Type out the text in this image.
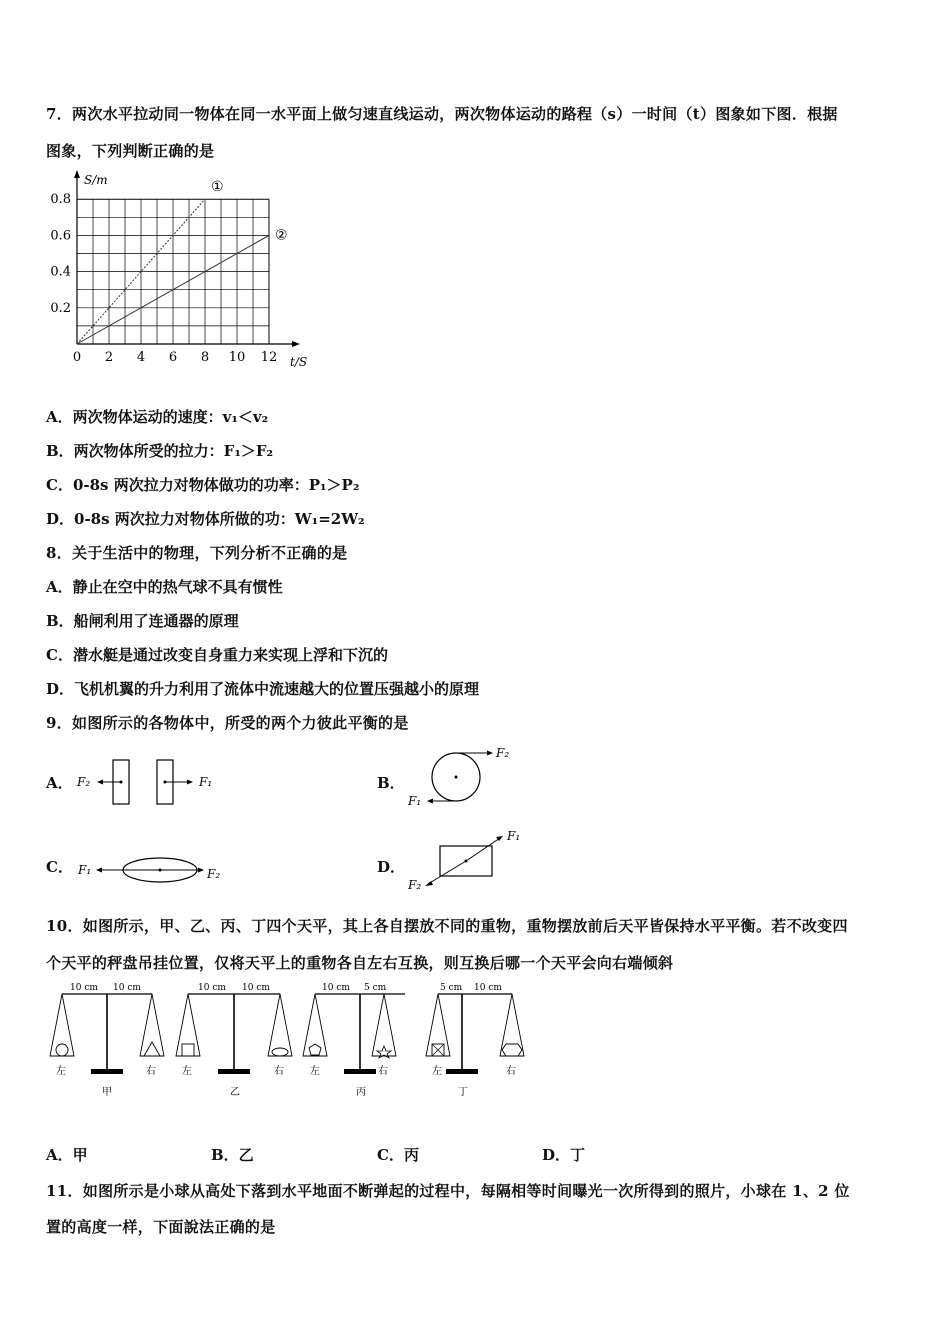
7．两次水平拉动同一物体在同一水平面上做匀速直线运动，两次物体运动的路程（s）一时间（t）图象如下图．根据
图象，下列判断正确的是
0 2 4 6 8 10 12
0.2
0.4
0.6
0.8
①
②
S/m
t/S
A．两次物体运动的速度：v₁＜v₂
B．两次物体所受的拉力：F₁＞F₂
C．0-8s 两次拉力对物体做功的功率：P₁＞P₂
D．0-8s 两次拉力对物体所做的功：W₁=2W₂
8．关于生活中的物理，下列分析不正确的是
A．静止在空中的热气球不具有惯性
B．船闸利用了连通器的原理
C．潜水艇是通过改变自身重力来实现上浮和下沉的
D．飞机机翼的升力利用了流体中流速越大的位置压强越小的原理
9．如图所示的各物体中，所受的两个力彼此平衡的是
A． F₂	F₁	B．
F₂
F₁
C． F₁	F₂	D．
F₁
F₂
10．如图所示，甲、乙、丙、丁四个天平，其上各自摆放不同的重物，重物摆放前后天平皆保持水平平衡。若不改变四
个天平的秤盘吊挂位置，仅将天平上的重物各自左右互换，则互换后哪一个天平会向右端倾斜
10 cm 10 cm
左	右
甲
10 cm 10 cm
左	右
乙
10 cm 5 cm
左	右
丙
5 cm 10 cm
左	右
丁
A．甲	B．乙	C．丙	D．丁
11．如图所示是小球从高处下落到水平地面不断弹起的过程中，每隔相等时间曝光一次所得到的照片，小球在 1、2 位
置的高度一样，下面說法正确的是
